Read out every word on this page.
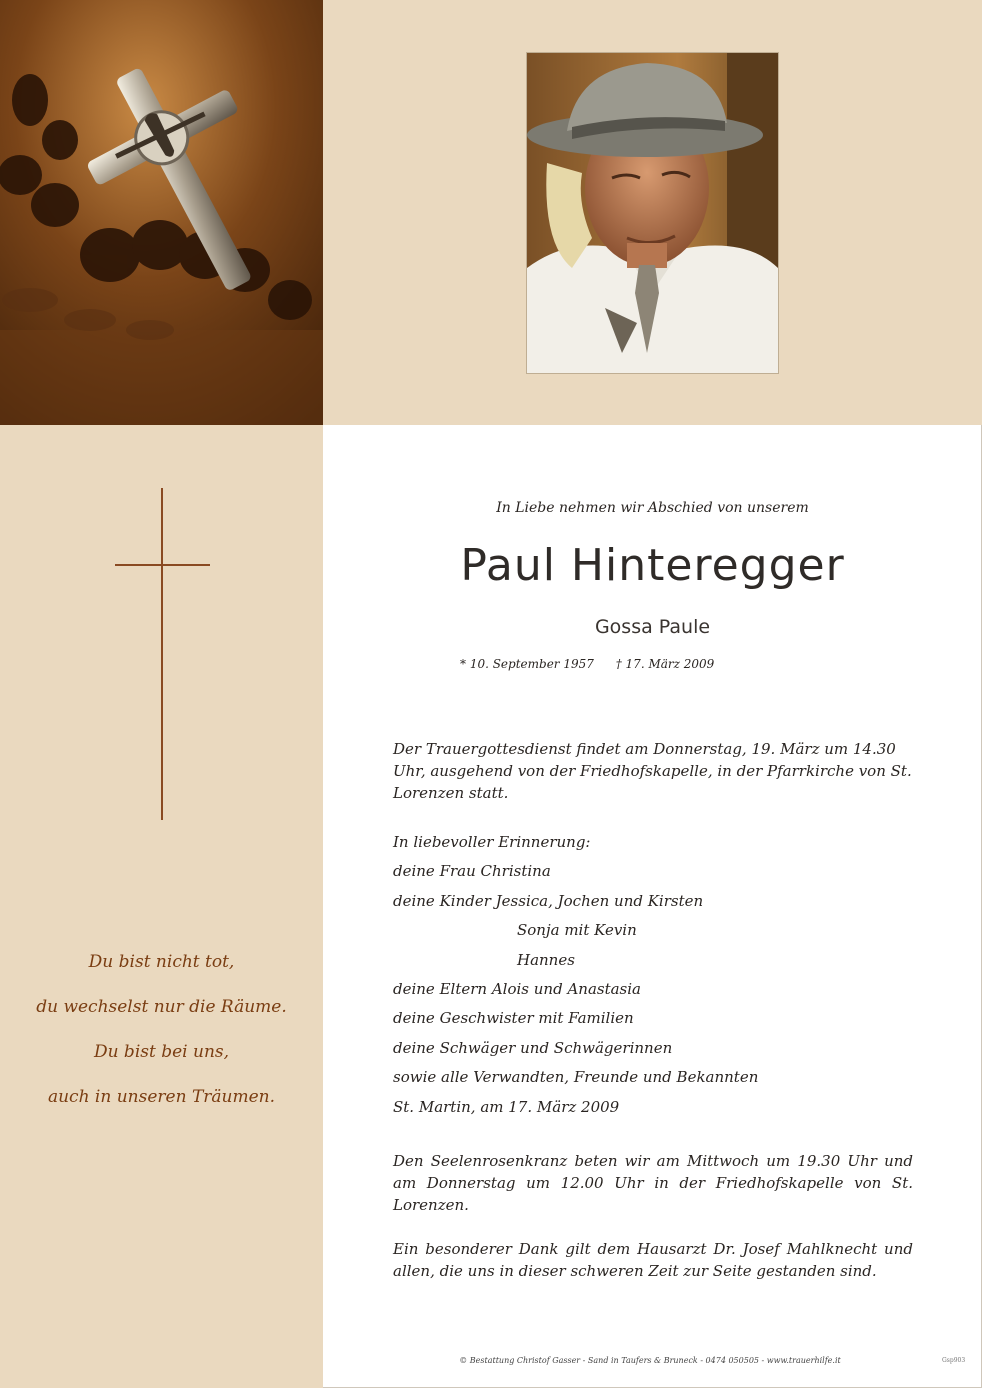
Du bist nicht tot,
du wechselst nur die Räume.
Du bist bei uns,
auch in unseren Träumen.
In Liebe nehmen wir Abschied von unserem
Paul Hinteregger
Gossa Paule
* 10. September 1957 † 17. März 2009
Der Trauergottesdienst findet am Donnerstag, 19. März um 14.30 Uhr, ausgehend von der Friedhofskapelle, in der Pfarrkirche von St. Lorenzen statt.
In liebevoller Erinnerung:
deine Frau Christina
deine Kinder Jessica, Jochen und Kirsten
Sonja mit Kevin
Hannes
deine Eltern Alois und Anastasia
deine Geschwister mit Familien
deine Schwäger und Schwägerinnen
sowie alle Verwandten, Freunde und Bekannten
St. Martin, am 17. März 2009
Den Seelenrosenkranz beten wir am Mittwoch um 19.30 Uhr und am Donnerstag um 12.00 Uhr in der Friedhofskapelle von St. Lorenzen.
Ein besonderer Dank gilt dem Hausarzt Dr. Josef Mahlknecht und allen, die uns in dieser schweren Zeit zur Seite gestanden sind.
© Bestattung Christof Gasser - Sand in Taufers & Bruneck - 0474 050505 - www.trauerhilfe.it	Gsp903
